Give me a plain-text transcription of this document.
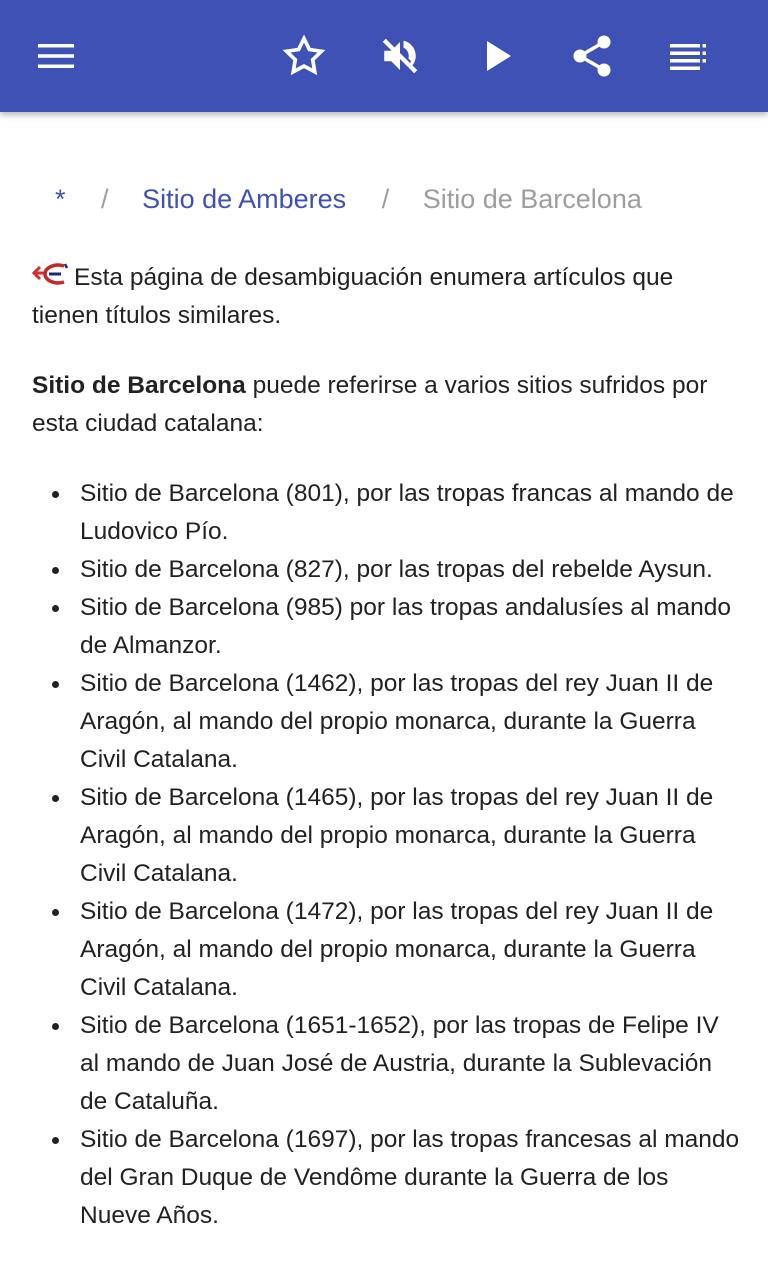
* / Sitio de Amberes / Sitio de Barcelona

Esta página de desambiguación enumera artículos que tienen títulos similares.

Sitio de Barcelona puede referirse a varios sitios sufridos por esta ciudad catalana:

Sitio de Barcelona (801), por las tropas francas al mando de Ludovico Pío.
Sitio de Barcelona (827), por las tropas del rebelde Aysun.
Sitio de Barcelona (985) por las tropas andalusíes al mando de Almanzor.
Sitio de Barcelona (1462), por las tropas del rey Juan II de Aragón, al mando del propio monarca, durante la Guerra Civil Catalana.
Sitio de Barcelona (1465), por las tropas del rey Juan II de Aragón, al mando del propio monarca, durante la Guerra Civil Catalana.
Sitio de Barcelona (1472), por las tropas del rey Juan II de Aragón, al mando del propio monarca, durante la Guerra Civil Catalana.
Sitio de Barcelona (1651-1652), por las tropas de Felipe IV al mando de Juan José de Austria, durante la Sublevación de Cataluña.
Sitio de Barcelona (1697), por las tropas francesas al mando del Gran Duque de Vendôme durante la Guerra de los Nueve Años.
